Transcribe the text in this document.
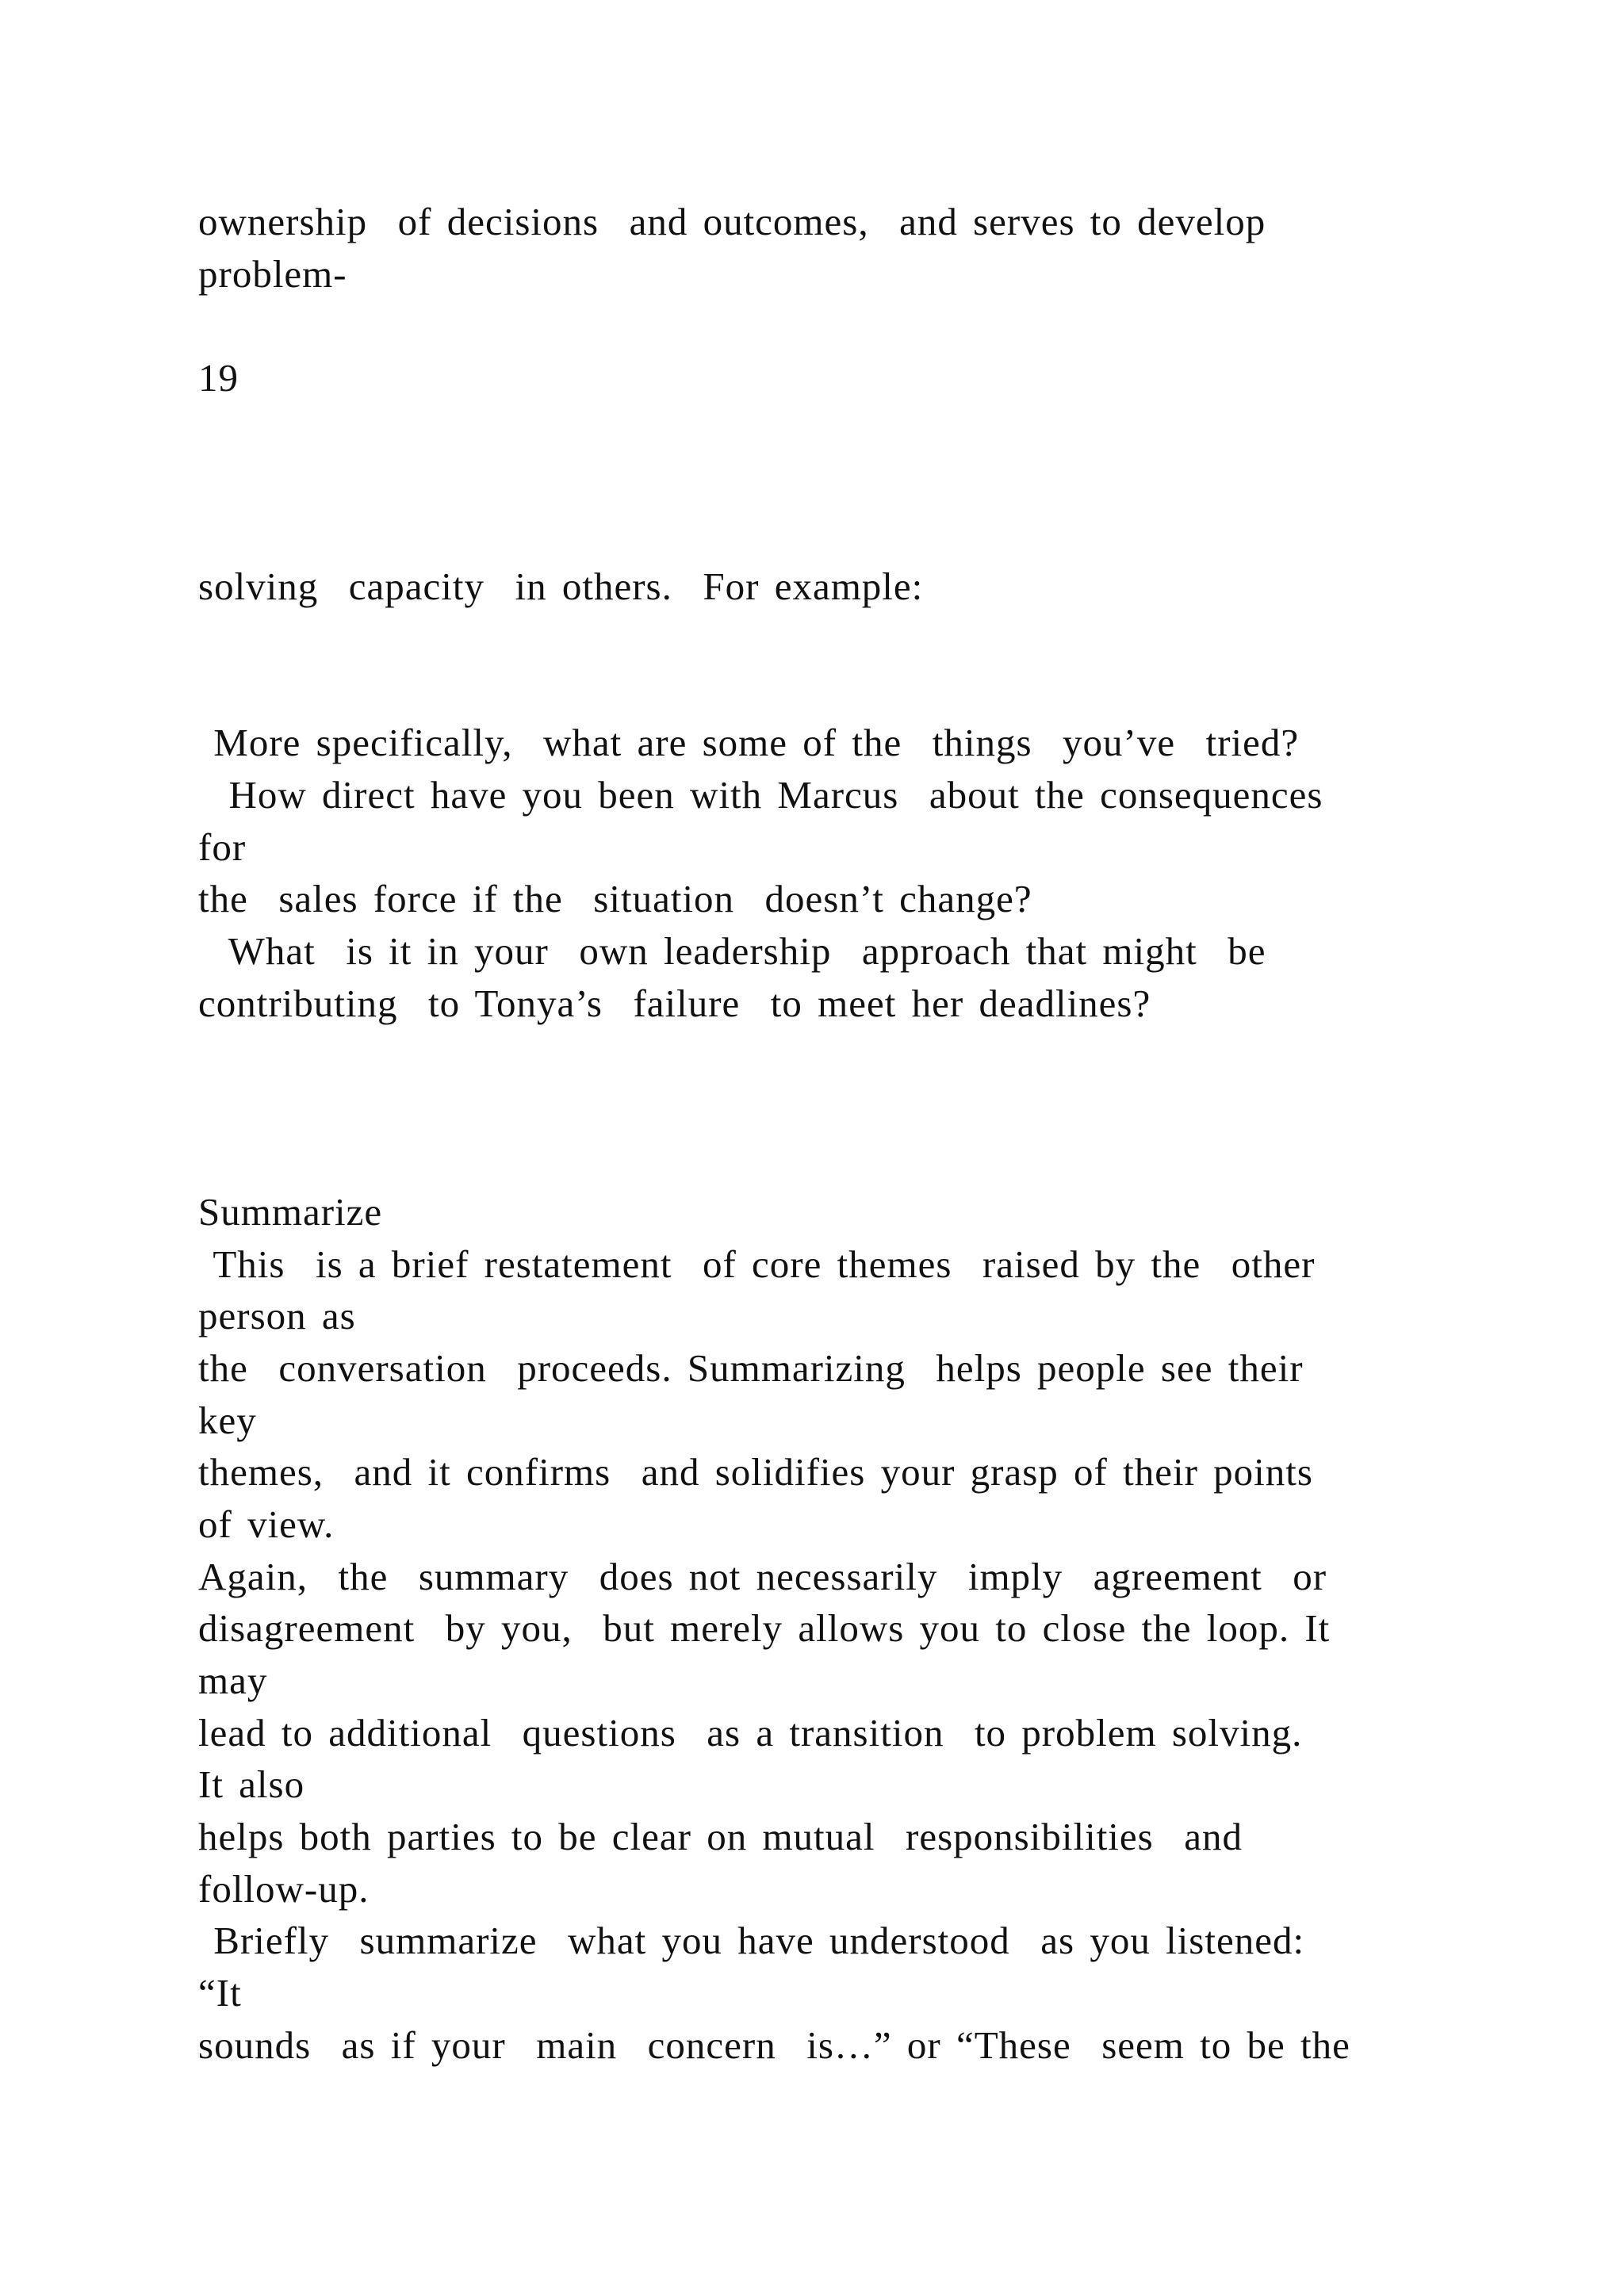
ownership  of decisions  and outcomes,  and serves to develop

problem-

19

solving  capacity  in others.  For example:

More specifically,  what are some of the  things  you’ve  tried?

How direct have you been with Marcus  about the consequences

for

the  sales force if the  situation  doesn’t change?

What  is it in your  own leadership  approach that might  be

contributing  to Tonya’s  failure  to meet her deadlines?

Summarize

This  is a brief restatement  of core themes  raised by the  other

person as

the  conversation  proceeds. Summarizing  helps people see their

key

themes,  and it confirms  and solidifies your grasp of their points

of view.

Again,  the  summary  does not necessarily  imply  agreement  or

disagreement  by you,  but merely allows you to close the loop. It

may

lead to additional  questions  as a transition  to problem solving.

It also

helps both parties to be clear on mutual  responsibilities  and

follow-up.

Briefly  summarize  what you have understood  as you listened:

“It

sounds  as if your  main  concern  is…” or “These  seem to be the
